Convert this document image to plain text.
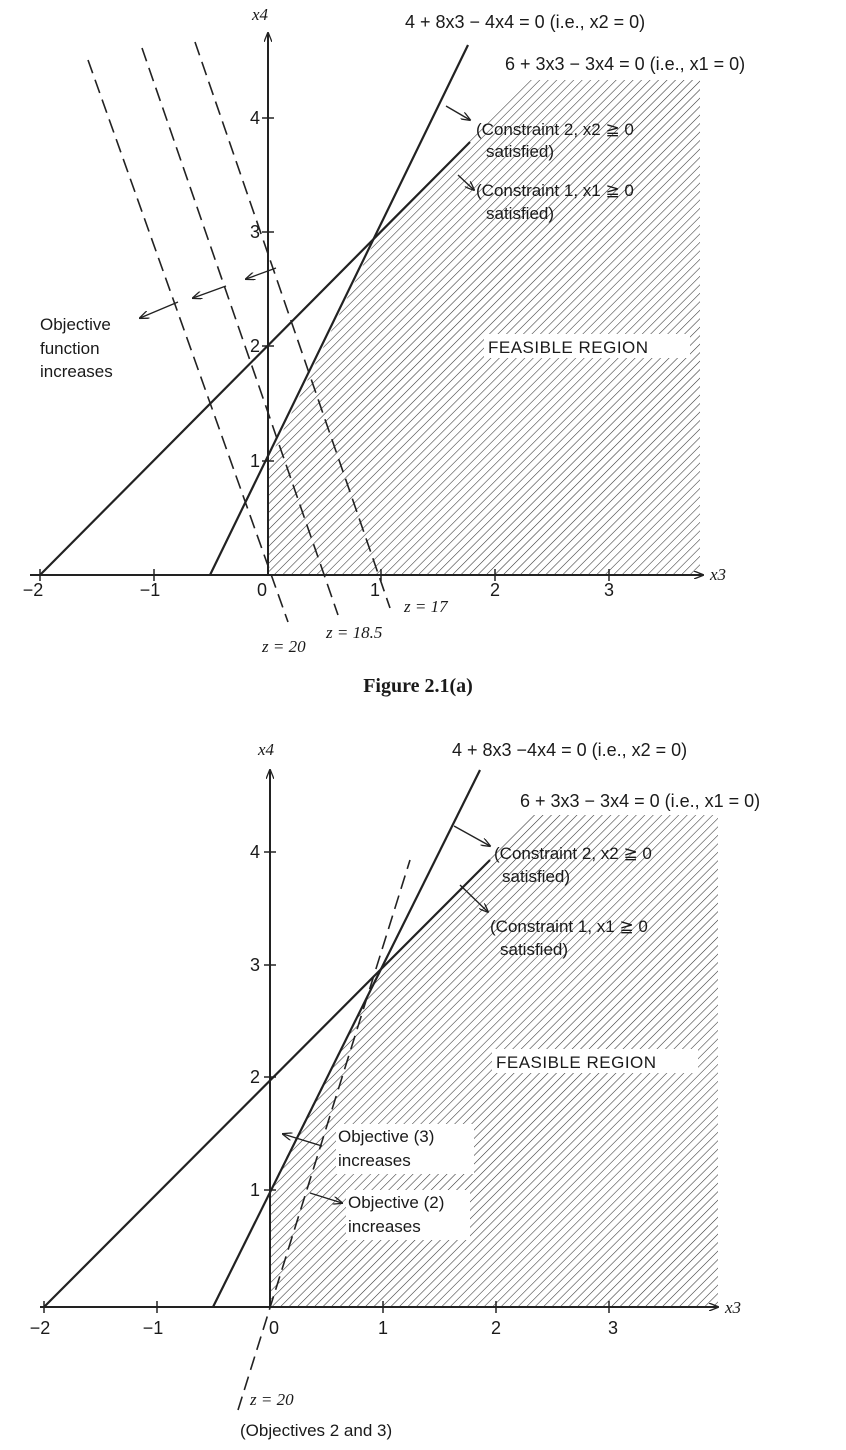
−2	−1	0	1	2	3
1
2
3
4
x3
x4	4 + 8x3 − 4x4 = 0 (i.e., x2 = 0)
6 + 3x3 − 3x4 = 0 (i.e., x1 = 0)
(Constraint 2, x2 ≧ 0
satisfied)
(Constraint 1, x1 ≧ 0
satisfied)
FEASIBLE REGION
Objective
function
increases
z = 20
z = 18.5
z = 17
Figure 2.1(a)
−2	−1	0	1	2	3
1
2
3
4
x3
x4	4 + 8x3 −4x4 = 0 (i.e., x2 = 0)
6 + 3x3 − 3x4 = 0 (i.e., x1 = 0)
(Constraint 2, x2 ≧ 0
satisfied)
(Constraint 1, x1 ≧ 0
satisfied)
FEASIBLE REGION
Objective (3)
increases
Objective (2)
increases
z = 20
(Objectives 2 and 3)
